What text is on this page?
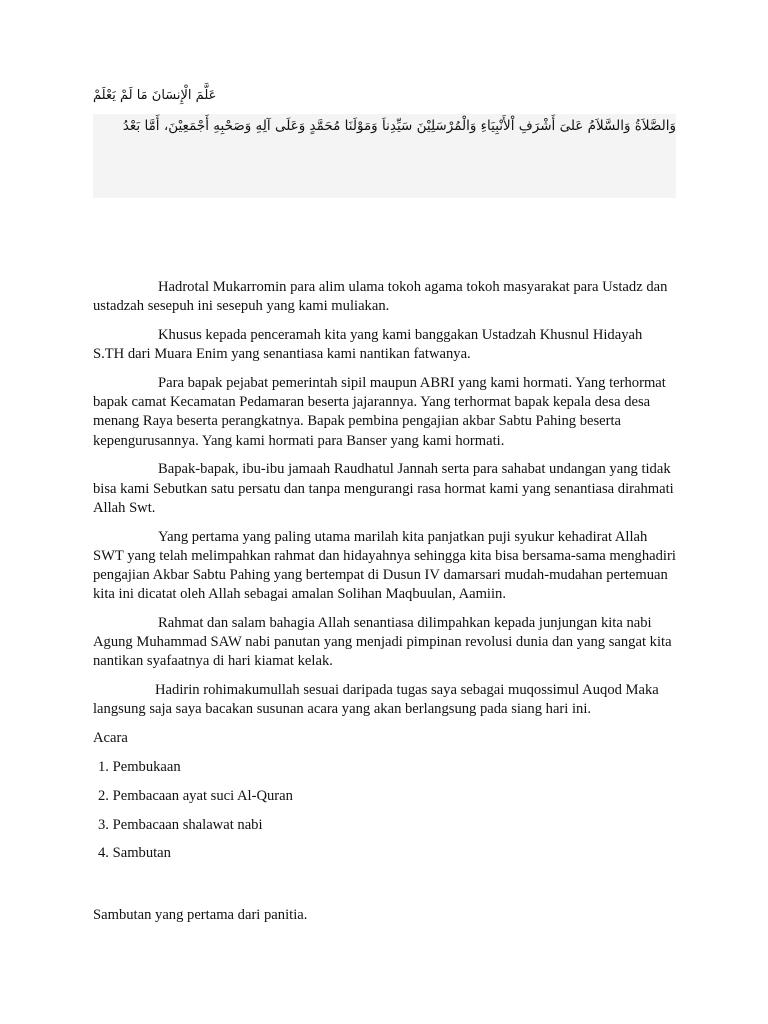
عَلَّمَ الْإِنسَانَ مَا لَمْ يَعْلَمْ
وَالصَّلاَةُ وَالسَّلاَمُ عَلىَ أَشْرَفِ اْلأَنْبِيَاءِ وَالْمُرْسَلِيْنَ سَيِّدِناَ وَمَوْلَنَا مُحَمَّدٍ وَعَلَى آلِهِ وَصَحْبِهِ أَجْمَعِيْنَ، أَمَّا بَعْدُ

Hadrotal Mukarromin para alim ulama tokoh agama tokoh masyarakat para Ustadz dan ustadzah sesepuh ini sesepuh yang kami muliakan.

Khusus kepada penceramah kita yang kami banggakan Ustadzah Khusnul Hidayah S.TH dari Muara Enim yang senantiasa kami nantikan fatwanya.

Para bapak pejabat pemerintah sipil maupun ABRI yang kami hormati. Yang terhormat bapak camat Kecamatan Pedamaran beserta jajarannya. Yang terhormat bapak kepala desa desa menang Raya beserta perangkatnya. Bapak pembina pengajian akbar Sabtu Pahing beserta kepengurusannya. Yang kami hormati para Banser yang kami hormati.

Bapak-bapak, ibu-ibu jamaah Raudhatul Jannah serta para sahabat undangan yang tidak bisa kami Sebutkan satu persatu dan tanpa mengurangi rasa hormat kami yang senantiasa dirahmati Allah Swt.

Yang pertama yang paling utama marilah kita panjatkan puji syukur kehadirat Allah SWT yang telah melimpahkan rahmat dan hidayahnya sehingga kita bisa bersama-sama menghadiri pengajian Akbar Sabtu Pahing yang bertempat di Dusun IV damarsari mudah-mudahan pertemuan kita ini dicatat oleh Allah sebagai amalan Solihan Maqbuulan, Aamiin.

Rahmat dan salam bahagia Allah senantiasa dilimpahkan kepada junjungan kita nabi Agung Muhammad SAW nabi panutan yang menjadi pimpinan revolusi dunia dan yang sangat kita nantikan syafaatnya di hari kiamat kelak.

Hadirin rohimakumullah sesuai daripada tugas saya sebagai muqossimul Auqod Maka langsung saja saya bacakan susunan acara yang akan berlangsung pada siang hari ini.

Acara

1. Pembukaan
2. Pembacaan ayat suci Al-Quran
3. Pembacaan shalawat nabi
4. Sambutan

Sambutan yang pertama dari panitia.
